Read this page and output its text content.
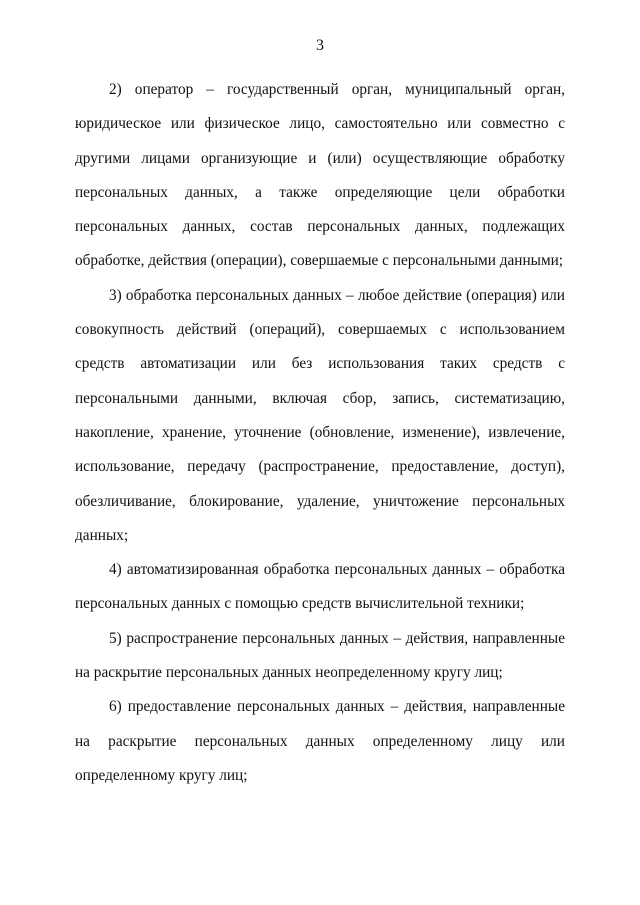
3

2) оператор – государственный орган, муниципальный орган, юридическое или физическое лицо, самостоятельно или совместно с другими лицами организующие и (или) осуществляющие обработку персональных данных, а также определяющие цели обработки персональных данных, состав персональных данных, подлежащих обработке, действия (операции), совершаемые с персональными данными;

3) обработка персональных данных – любое действие (операция) или совокупность действий (операций), совершаемых с использованием средств автоматизации или без использования таких средств с персональными данными, включая сбор, запись, систематизацию, накопление, хранение, уточнение (обновление, изменение), извлечение, использование, передачу (распространение, предоставление, доступ), обезличивание, блокирование, удаление, уничтожение персональных данных;

4) автоматизированная обработка персональных данных – обработка персональных данных с помощью средств вычислительной техники;

5) распространение персональных данных – действия, направленные на раскрытие персональных данных неопределенному кругу лиц;

6) предоставление персональных данных – действия, направленные на раскрытие персональных данных определенному лицу или определенному кругу лиц;
